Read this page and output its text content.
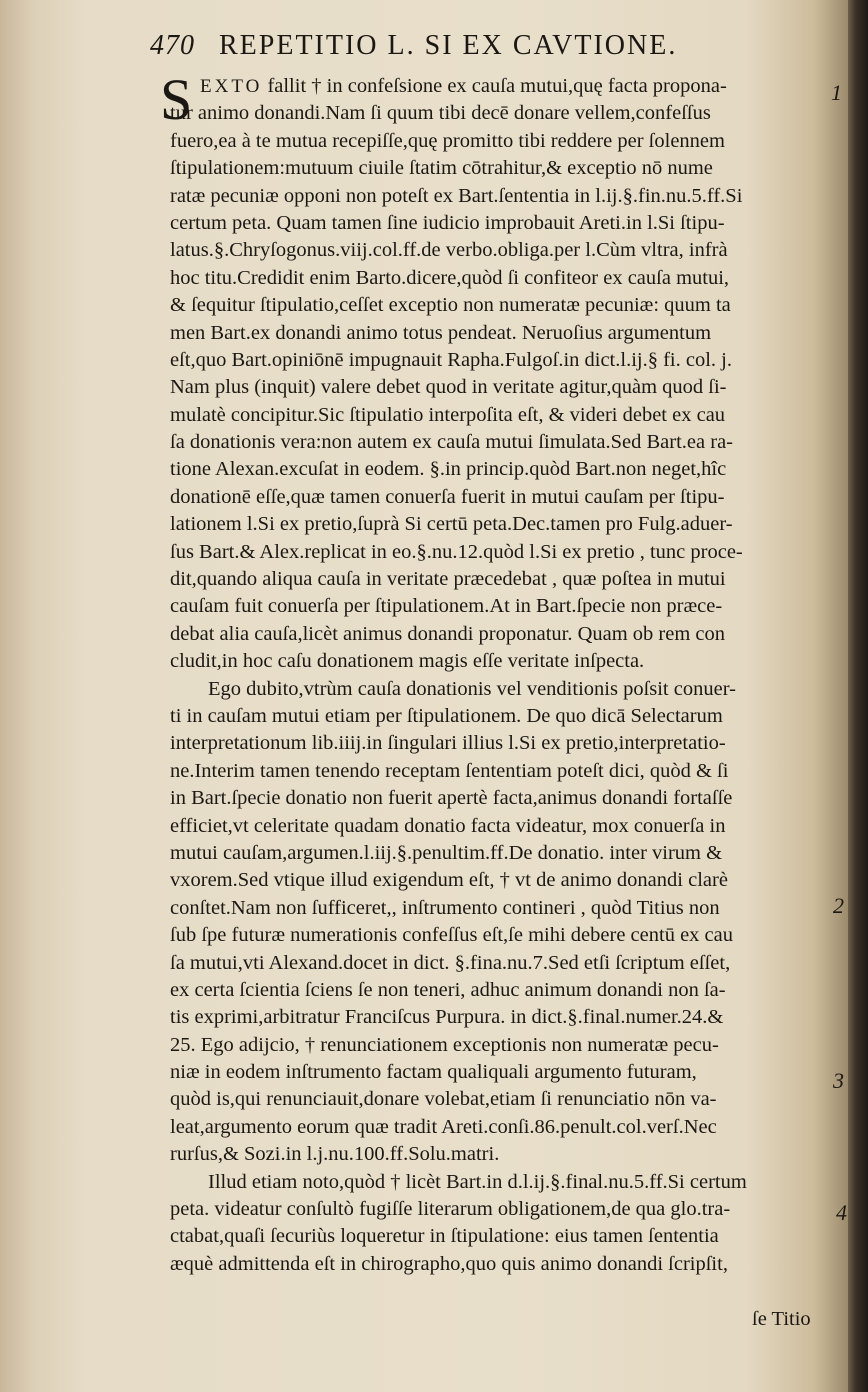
470 REPETITIO L. SI EX CAVTIONE.
1
2
3
4
S EXTO fallit † in confeſsione ex cauſa mutui,quę facta propona-
tur animo donandi.Nam ſi quum tibi decē donare vellem,confeſſus
fuero,ea à te mutua recepiſſe,quę promitto tibi reddere per ſolennem
ſtipulationem:mutuum ciuile ſtatim cōtrahitur,& exceptio nō nume
ratæ pecuniæ opponi non poteſt ex Bart.ſententia in l.ij.§.fin.nu.5.ff.Si
certum peta. Quam tamen ſine iudicio improbauit Areti.in l.Si ſtipu-
latus.§.Chryſogonus.viij.col.ff.de verbo.obliga.per l.Cùm vltra, infrà
hoc titu.Credidit enim Barto.dicere,quòd ſi confiteor ex cauſa mutui,
& ſequitur ſtipulatio,ceſſet exceptio non numeratæ pecuniæ: quum ta
men Bart.ex donandi animo totus pendeat. Neruoſius argumentum
eſt,quo Bart.opiniōnē impugnauit Rapha.Fulgoſ.in dict.l.ij.§ fi. col. j.
Nam plus (inquit) valere debet quod in veritate agitur,quàm quod ſi-
mulatè concipitur.Sic ſtipulatio interpoſita eſt, & videri debet ex cau
ſa donationis vera:non autem ex cauſa mutui ſimulata.Sed Bart.ea ra-
tione Alexan.excuſat in eodem. §.in princip.quòd Bart.non neget,hîc
donationē eſſe,quæ tamen conuerſa fuerit in mutui cauſam per ſtipu-
lationem l.Si ex pretio,ſuprà Si certū peta.Dec.tamen pro Fulg.aduer-
ſus Bart.& Alex.replicat in eo.§.nu.12.quòd l.Si ex pretio , tunc proce-
dit,quando aliqua cauſa in veritate præcedebat , quæ poſtea in mutui
cauſam fuit conuerſa per ſtipulationem.At in Bart.ſpecie non præce-
debat alia cauſa,licèt animus donandi proponatur. Quam ob rem con
cludit,in hoc caſu donationem magis eſſe veritate inſpecta.
Ego dubito,vtrùm cauſa donationis vel venditionis poſsit conuer-
ti in cauſam mutui etiam per ſtipulationem. De quo dicā Selectarum
interpretationum lib.iiij.in ſingulari illius l.Si ex pretio,interpretatio-
ne.Interim tamen tenendo receptam ſententiam poteſt dici, quòd & ſi
in Bart.ſpecie donatio non fuerit apertè facta,animus donandi fortaſſe
efficiet,vt celeritate quadam donatio facta videatur, mox conuerſa in
mutui cauſam,argumen.l.iij.§.penultim.ff.De donatio. inter virum &
vxorem.Sed vtique illud exigendum eſt, † vt de animo donandi clarè
conſtet.Nam non ſufficeret,, inſtrumento contineri , quòd Titius non
ſub ſpe futuræ numerationis confeſſus eſt,ſe mihi debere centū ex cau
ſa mutui,vti Alexand.docet in dict. §.fina.nu.7.Sed etſi ſcriptum eſſet,
ex certa ſcientia ſciens ſe non teneri, adhuc animum donandi non ſa-
tis exprimi,arbitratur Franciſcus Purpura. in dict.§.final.numer.24.&
25. Ego adijcio, † renunciationem exceptionis non numeratæ pecu-
niæ in eodem inſtrumento factam qualiquali argumento futuram,
quòd is,qui renunciauit,donare volebat,etiam ſi renunciatio nōn va-
leat,argumento eorum quæ tradit Areti.conſi.86.penult.col.verſ.Nec
rurſus,& Sozi.in l.j.nu.100.ff.Solu.matri.
Illud etiam noto,quòd † licèt Bart.in d.l.ij.§.final.nu.5.ff.Si certum
peta. videatur conſultò fugiſſe literarum obligationem,de qua glo.tra-
ctabat,quaſi ſecuriùs loqueretur in ſtipulatione: eius tamen ſententia
æquè admittenda eſt in chirographo,quo quis animo donandi ſcripſit,
ſe Titio
